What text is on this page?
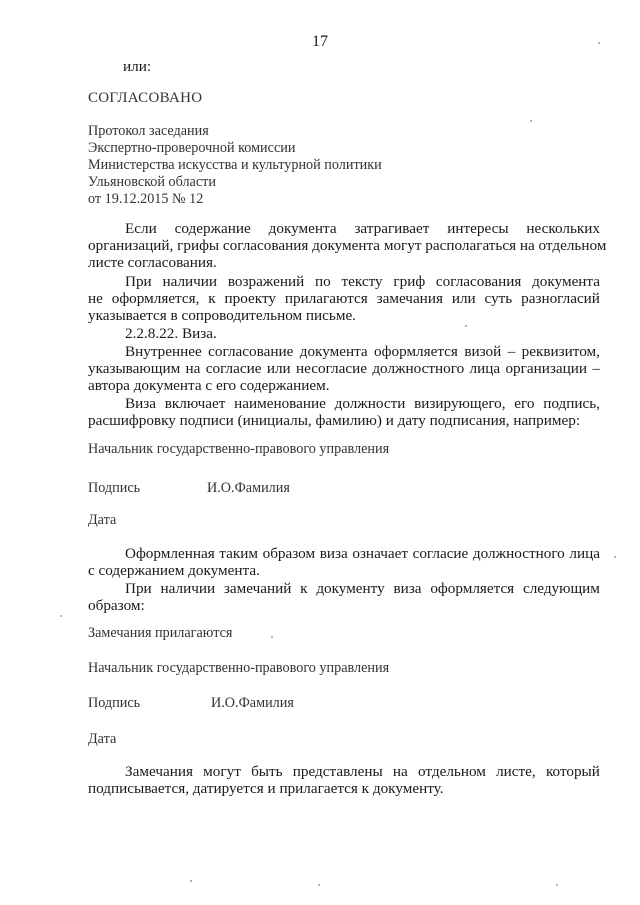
17
или:
СОГЛАСОВАНО
Протокол заседания
Экспертно-проверочной комиссии
Министерства искусства и культурной политики
Ульяновской области
от 19.12.2015 № 12
Если содержание документа затрагивает интересы нескольких
организаций, грифы согласования документа могут располагаться на отдельном
листе согласования.
При наличии возражений по тексту гриф согласования документа
не оформляется, к проекту прилагаются замечания или суть разногласий
указывается в сопроводительном письме.
2.2.8.22. Виза.
Внутреннее согласование документа оформляется визой – реквизитом,
указывающим на согласие или несогласие должностного лица организации –
автора документа с его содержанием.
Виза включает наименование должности визирующего, его подпись,
расшифровку подписи (инициалы, фамилию) и дату подписания, например:
Начальник государственно-правового управления
Подпись	И.О.Фамилия
Дата
Оформленная таким образом виза означает согласие должностного лица
с содержанием документа.
При наличии замечаний к документу виза оформляется следующим
образом:
Замечания прилагаются
Начальник государственно-правового управления
Подпись	И.О.Фамилия
Дата
Замечания могут быть представлены на отдельном листе, который
подписывается, датируется и прилагается к документу.
